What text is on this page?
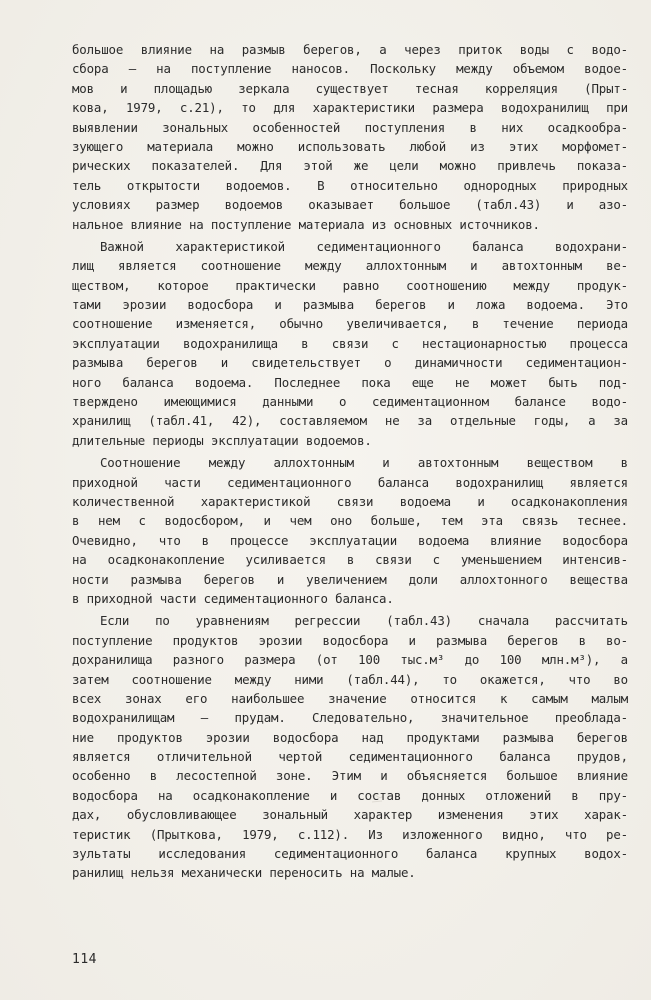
большое влияние на размыв берегов, а через приток воды с водо-
сбора – на поступление наносов. Поскольку между объемом водое-
мов и площадью зеркала существует тесная корреляция (Прыт-
кова, 1979, с.21), то для характеристики размера водохранилищ при
выявлении зональных особенностей поступления в них осадкообра-
зующего материала можно использовать любой из этих морфомет-
рических показателей. Для этой же цели можно привлечь показа-
тель открытости водоемов. В относительно однородных природных
условиях размер водоемов оказывает большое (табл.43) и азо-
нальное влияние на поступление материала из основных источников.
Важной характеристикой седиментационного баланса водохрани-
лищ является соотношение между аллохтонным и автохтонным ве-
ществом, которое практически равно соотношению между продук-
тами эрозии водосбора и размыва берегов и ложа водоема. Это
соотношение изменяется, обычно увеличивается, в течение периода
эксплуатации водохранилища в связи с нестационарностью процесса
размыва берегов и свидетельствует о динамичности седиментацион-
ного баланса водоема. Последнее пока еще не может быть под-
тверждено имеющимися данными о седиментационном балансе водо-
хранилищ (табл.41, 42), составляемом не за отдельные годы, а за
длительные периоды эксплуатации водоемов.
Соотношение между аллохтонным и автохтонным веществом в
приходной части седиментационного баланса водохранилищ является
количественной характеристикой связи водоема и осадконакопления
в нем с водосбором, и чем оно больше, тем эта связь теснее.
Очевидно, что в процессе эксплуатации водоема влияние водосбора
на осадконакопление усиливается в связи с уменьшением интенсив-
ности размыва берегов и увеличением доли аллохтонного вещества
в приходной части седиментационного баланса.
Если по уравнениям регрессии (табл.43) сначала рассчитать
поступление продуктов эрозии водосбора и размыва берегов в во-
дохранилища разного размера (от 100 тыс.м³ до 100 млн.м³), а
затем соотношение между ними (табл.44), то окажется, что во
всех зонах его наибольшее значение относится к самым малым
водохранилищам – прудам. Следовательно, значительное преоблада-
ние продуктов эрозии водосбора над продуктами размыва берегов
является отличительной чертой седиментационного баланса прудов,
особенно в лесостепной зоне. Этим и объясняется большое влияние
водосбора на осадконакопление и состав донных отложений в пру-
дах, обусловливающее зональный характер изменения этих харак-
теристик (Прыткова, 1979, с.112). Из изложенного видно, что ре-
зультаты исследования седиментационного баланса крупных водох-
ранилищ нельзя механически переносить на малые.
114
